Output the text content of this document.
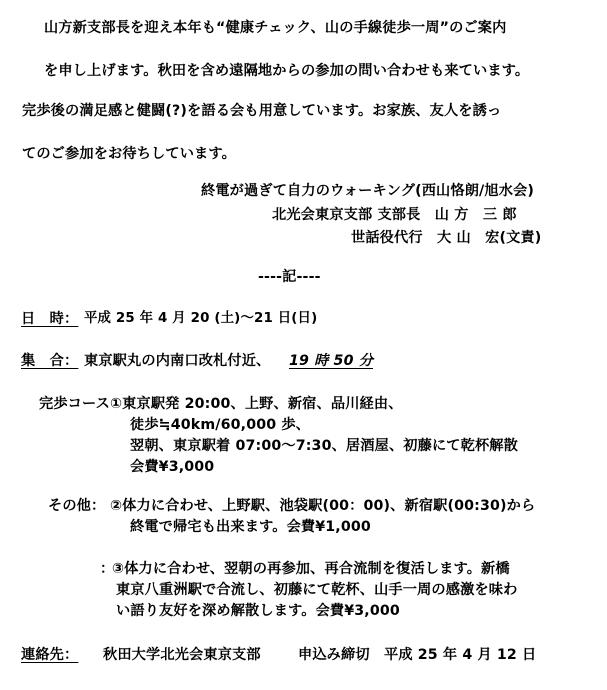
山方新支部長を迎え本年も“健康チェック、山の手線徒歩一周”のご案内
を申し上げます。秋田を含め遠隔地からの参加の問い合わせも来ています。
完歩後の満足感と健闘(?)を語る会も用意しています。お家族、友人を誘っ
てのご参加をお待ちしています。
終電が過ぎて自力のウォーキング(西山恪朗/旭水会)
北光会東京支部 支部長　山 方　三 郎
世話役代行　大 山　宏(文責)
----記----
日　時： 平成 25 年 4 月 20 (土)～21 日(日)
集　合： 東京駅丸の内南口改札付近、 19 時 50 分
完歩コース①東京駅発 20:00、上野、新宿、品川経由、
徒歩≒40km/60,000 歩、
翌朝、東京駅着 07:00～7:30、居酒屋、初藤にて乾杯解散
会費¥3,000
その他： ②体力に合わせ、上野駅、池袋駅(00：00)、新宿駅(00:30)から
終電で帰宅も出来ます。会費¥1,000
：
③体力に合わせ、翌朝の再参加、再合流制を復活します。新橋
東京八重洲駅で合流し、初藤にて乾杯、山手一周の感激を味わ
い語り友好を深め解散します。会費¥3,000
連絡先： 秋田大学北光会東京支部	申込み締切　平成 25 年 4 月 12 日
